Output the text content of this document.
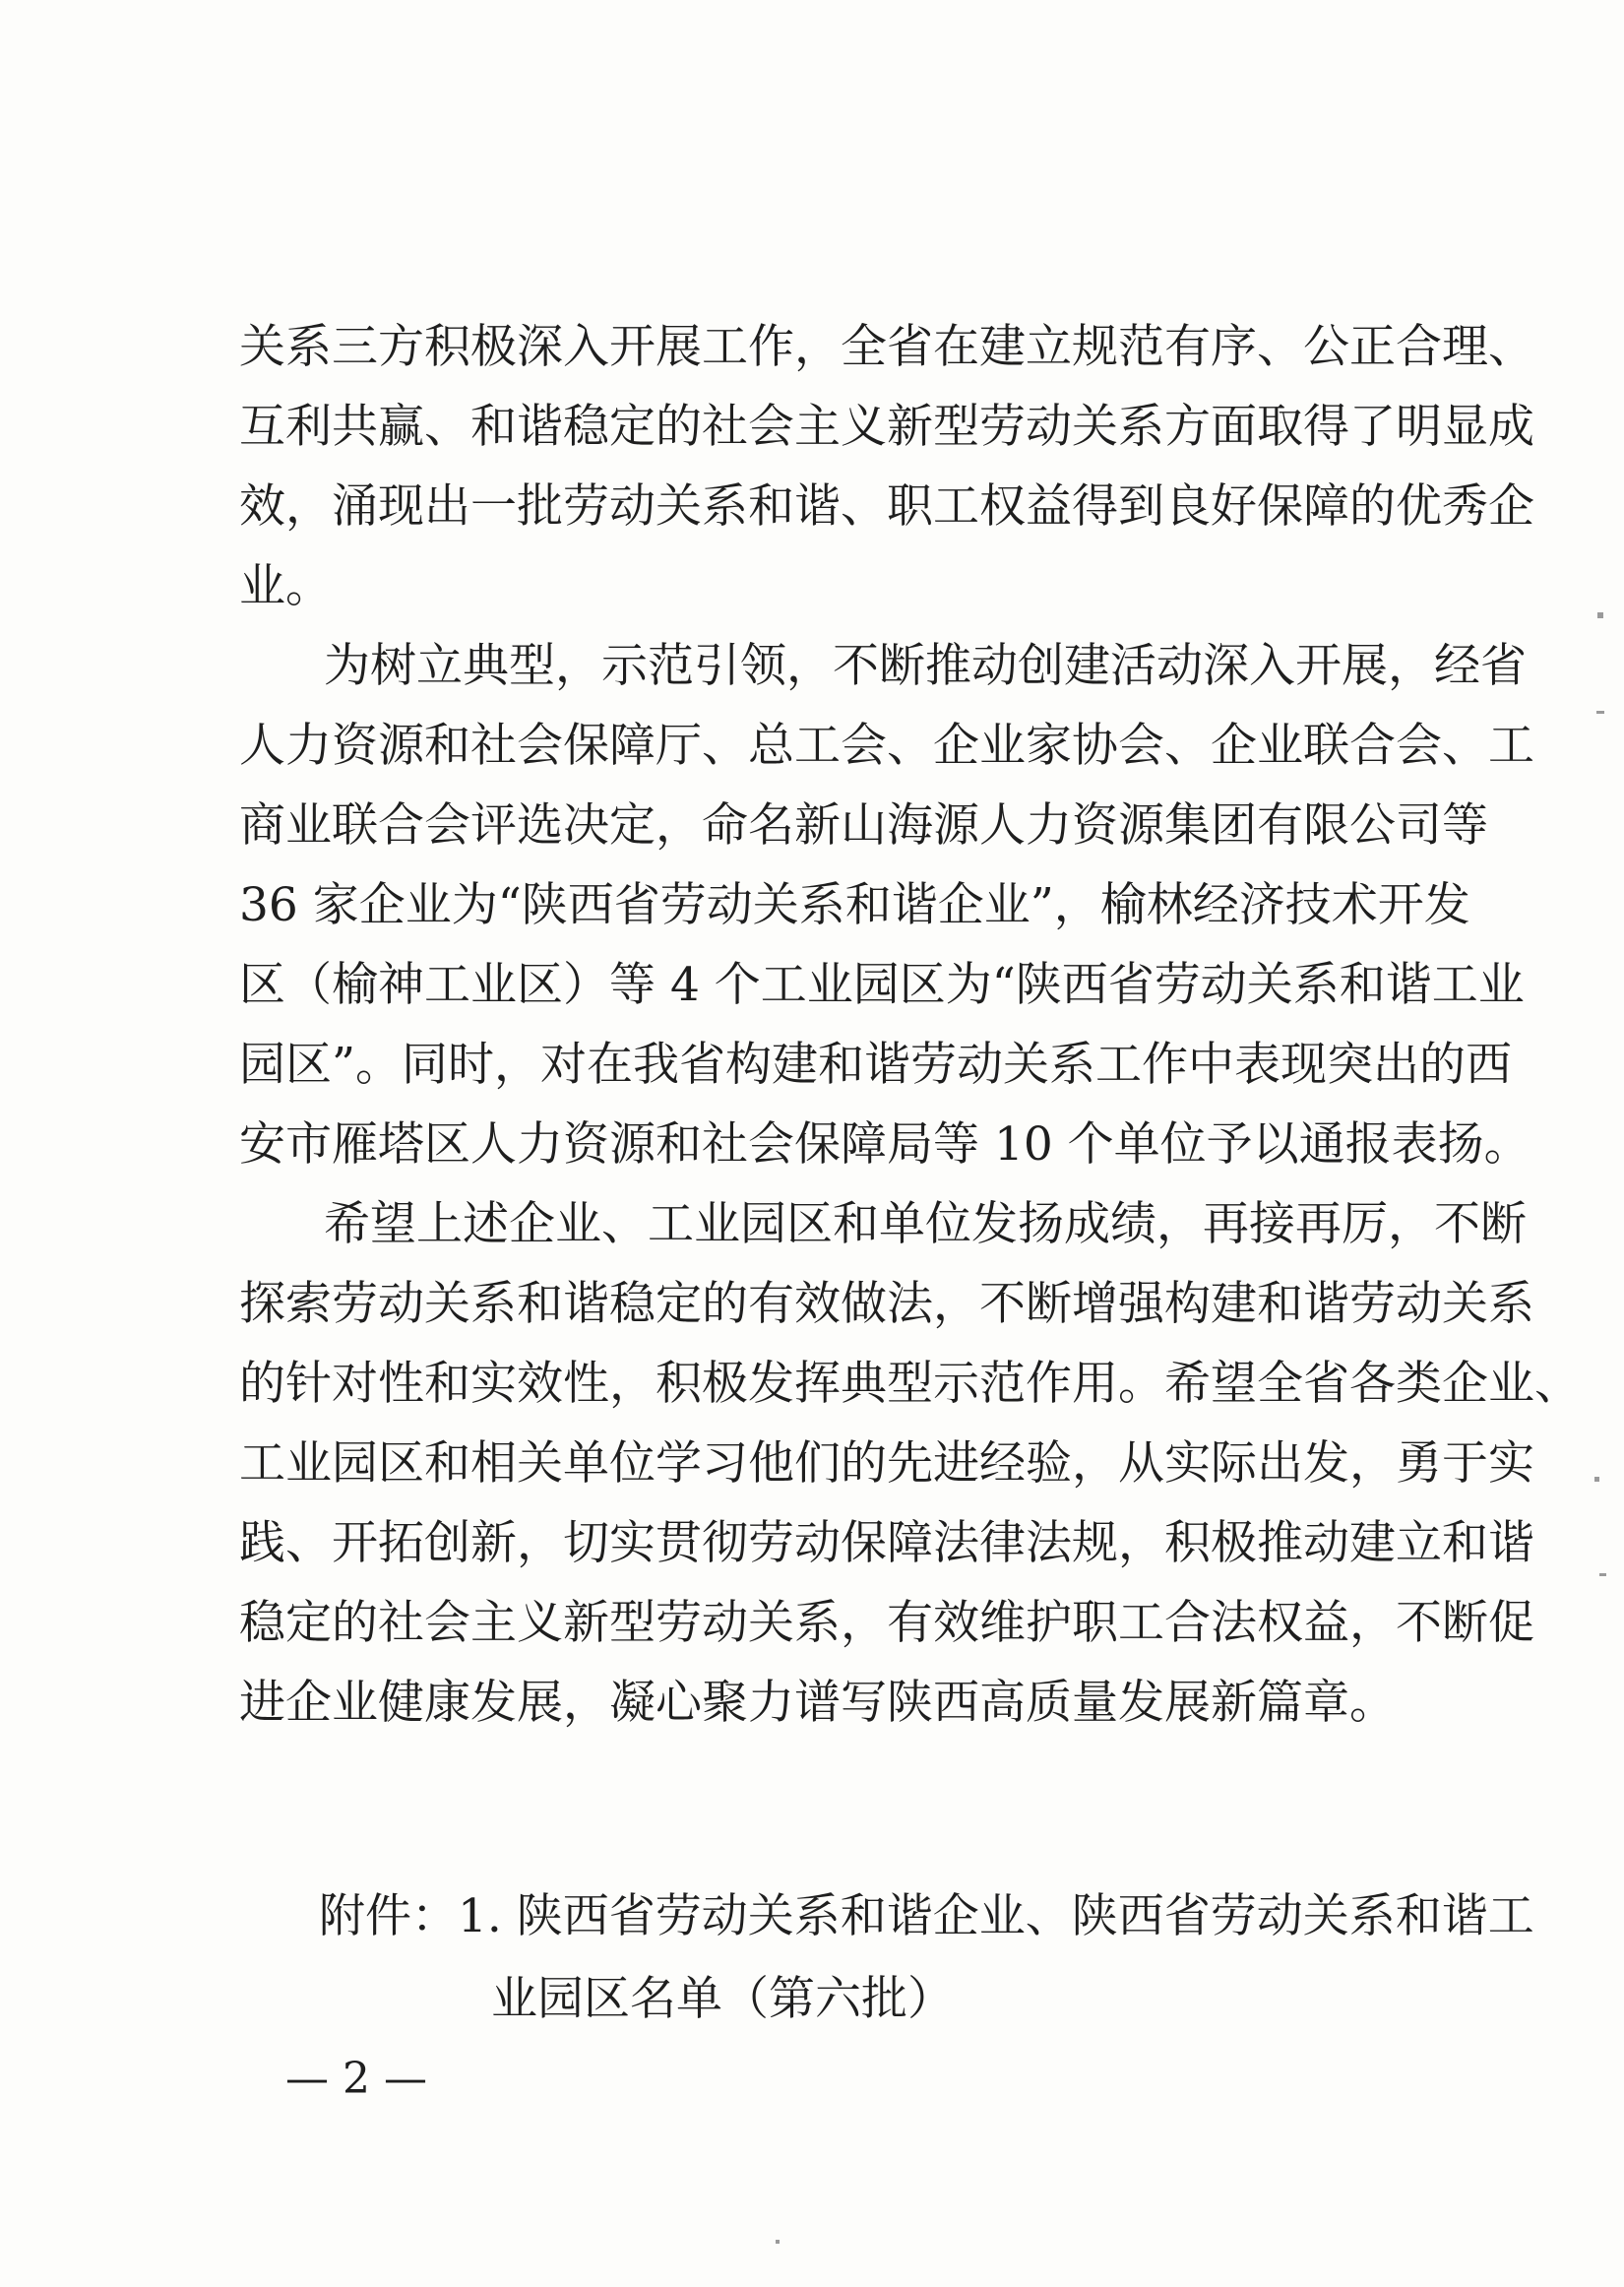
关系三方积极深入开展工作，全省在建立规范有序、公正合理、
互利共赢、和谐稳定的社会主义新型劳动关系方面取得了明显成
效，涌现出一批劳动关系和谐、职工权益得到良好保障的优秀企
业。
为树立典型，示范引领，不断推动创建活动深入开展，经省
人力资源和社会保障厅、总工会、企业家协会、企业联合会、工
商业联合会评选决定，命名新山海源人力资源集团有限公司等
36 家企业为“陕西省劳动关系和谐企业”，榆林经济技术开发
区（榆神工业区）等 4 个工业园区为“陕西省劳动关系和谐工业
园区”。同时，对在我省构建和谐劳动关系工作中表现突出的西
安市雁塔区人力资源和社会保障局等 10 个单位予以通报表扬。
希望上述企业、工业园区和单位发扬成绩，再接再厉，不断
探索劳动关系和谐稳定的有效做法，不断增强构建和谐劳动关系
的针对性和实效性，积极发挥典型示范作用。希望全省各类企业、
工业园区和相关单位学习他们的先进经验，从实际出发，勇于实
践、开拓创新，切实贯彻劳动保障法律法规，积极推动建立和谐
稳定的社会主义新型劳动关系，有效维护职工合法权益，不断促
进企业健康发展，凝心聚力谱写陕西高质量发展新篇章。
附件：1. 陕西省劳动关系和谐企业、陕西省劳动关系和谐工
业园区名单（第六批）
— 2 —
